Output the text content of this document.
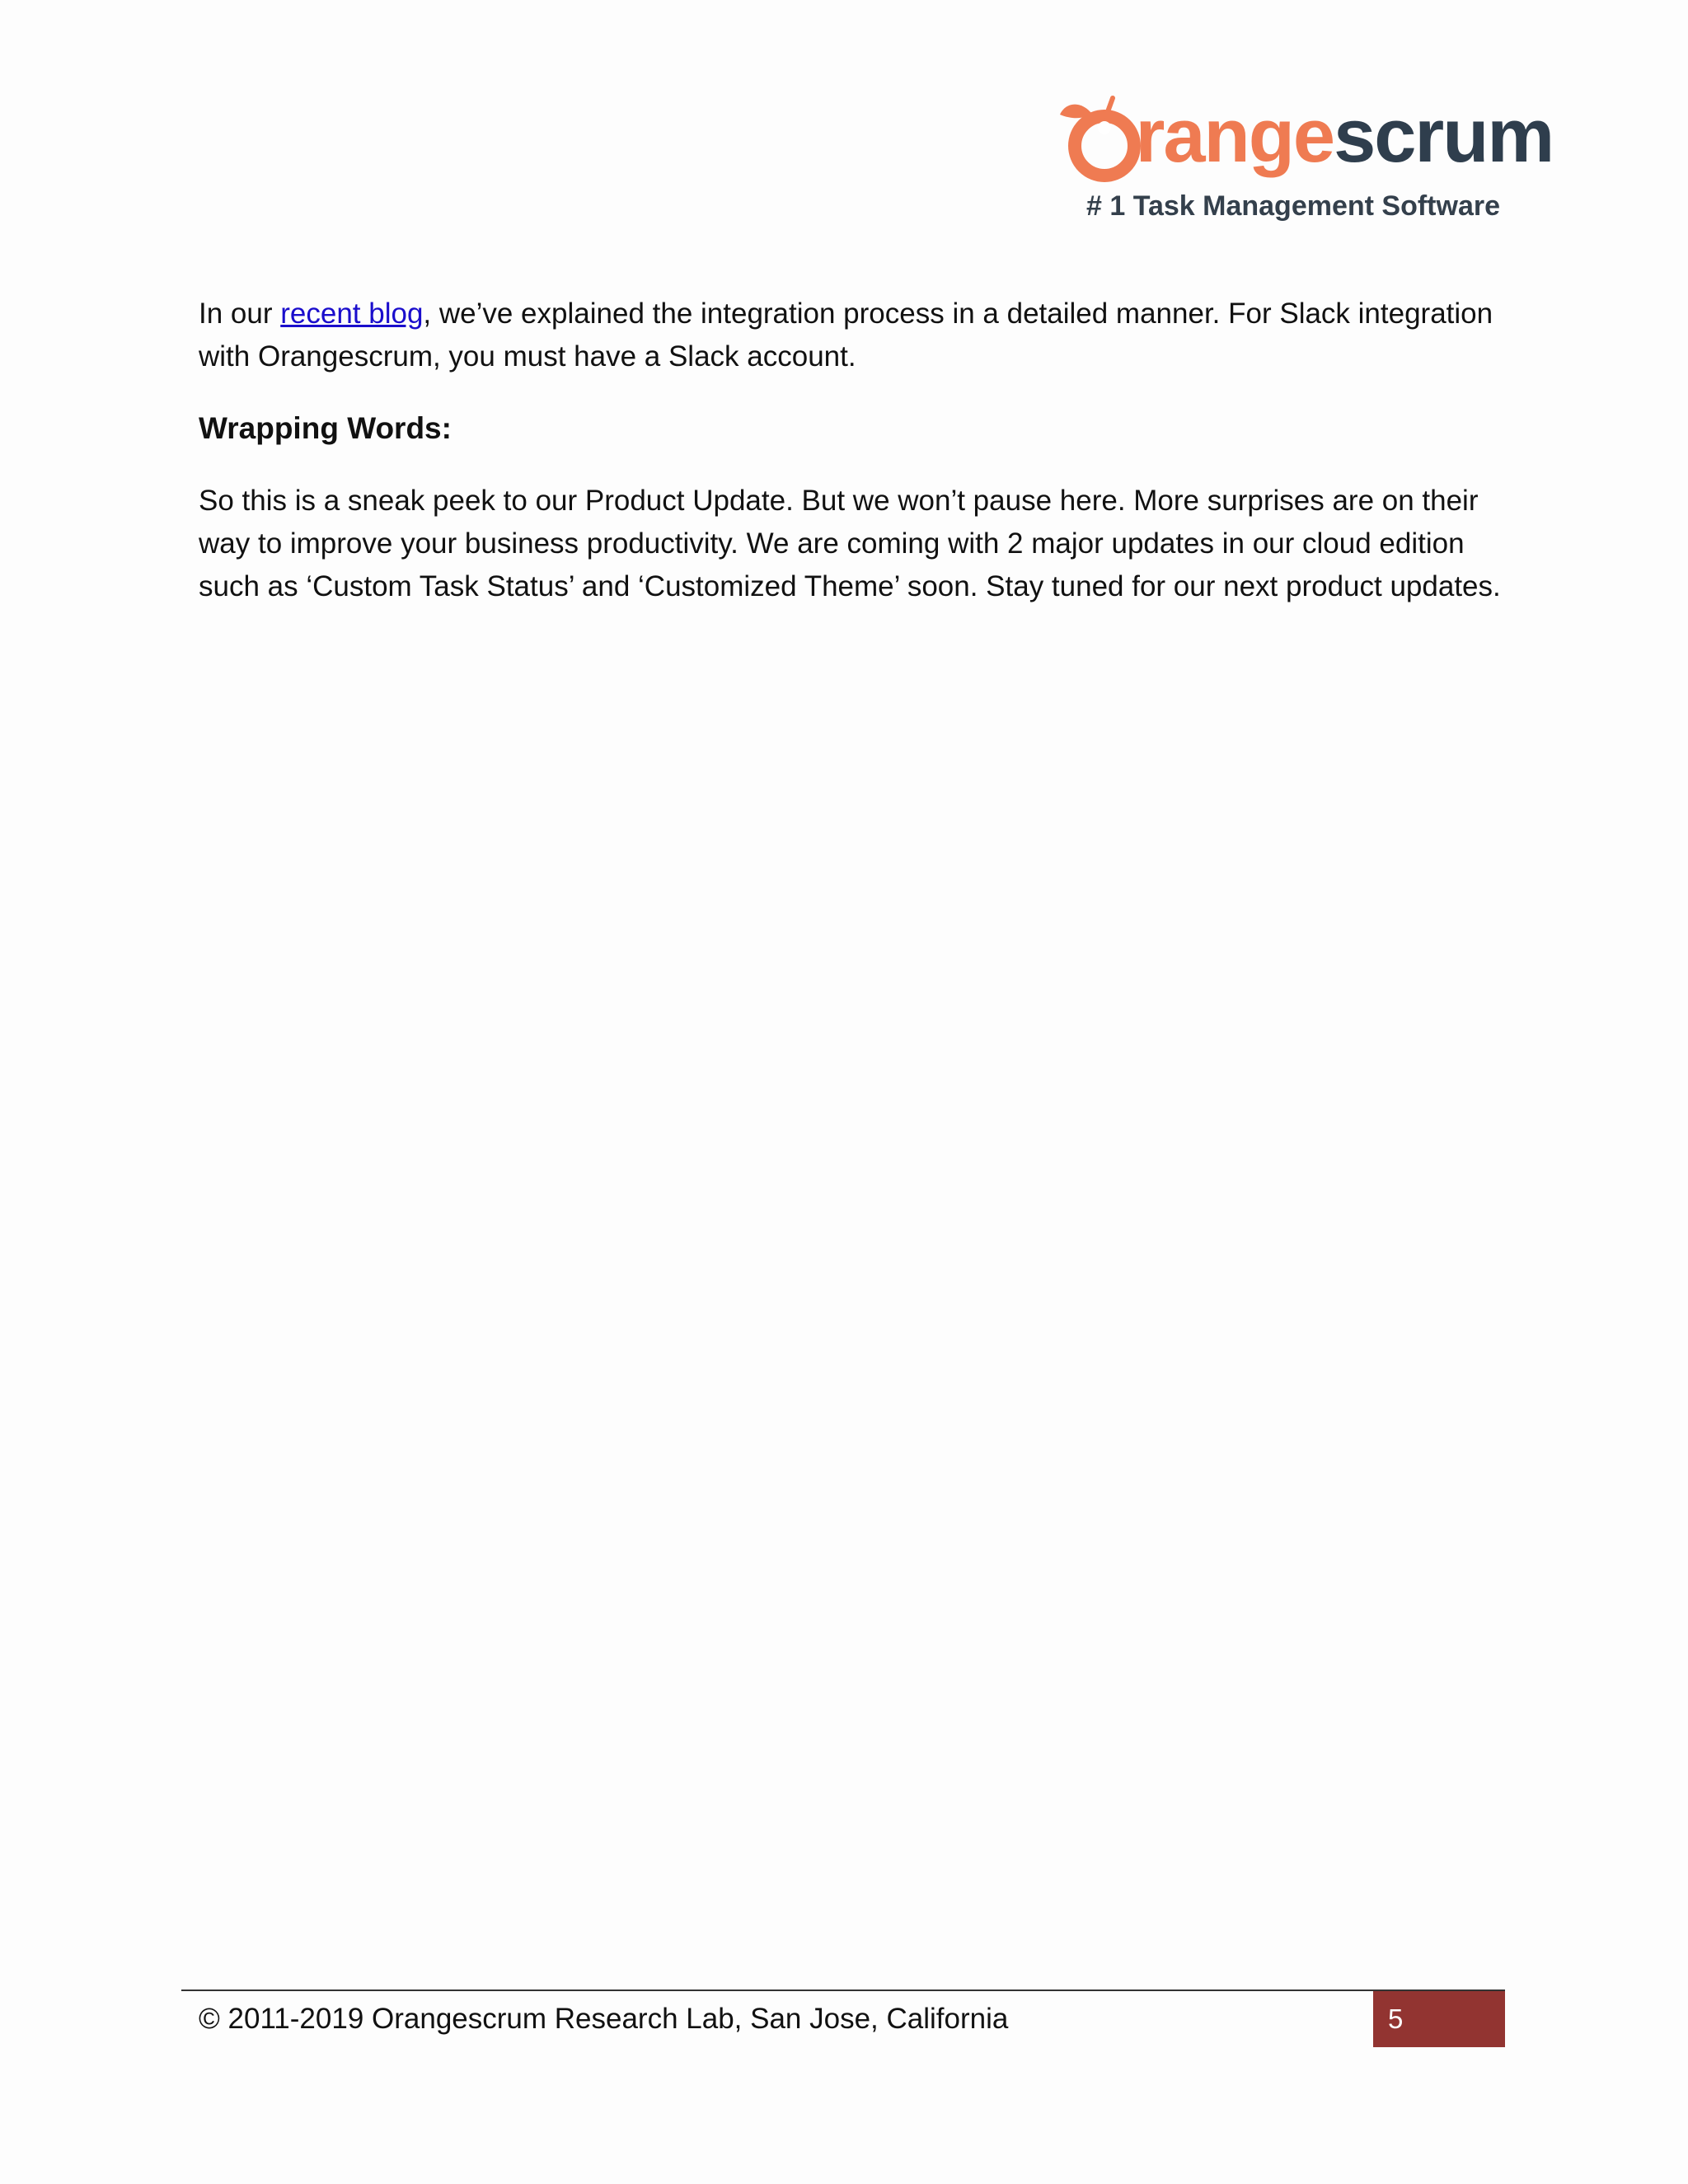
rangescrum
# 1 Task Management Software

In our recent blog, we’ve explained the integration process in a detailed manner. For Slack integration with Orangescrum, you must have a Slack account.

Wrapping Words:

So this is a sneak peek to our Product Update. But we won’t pause here. More surprises are on their way to improve your business productivity. We are coming with 2 major updates in our cloud edition such as ‘Custom Task Status’ and ‘Customized Theme’ soon. Stay tuned for our next product updates.

© 2011-2019 Orangescrum Research Lab, San Jose, California	5
